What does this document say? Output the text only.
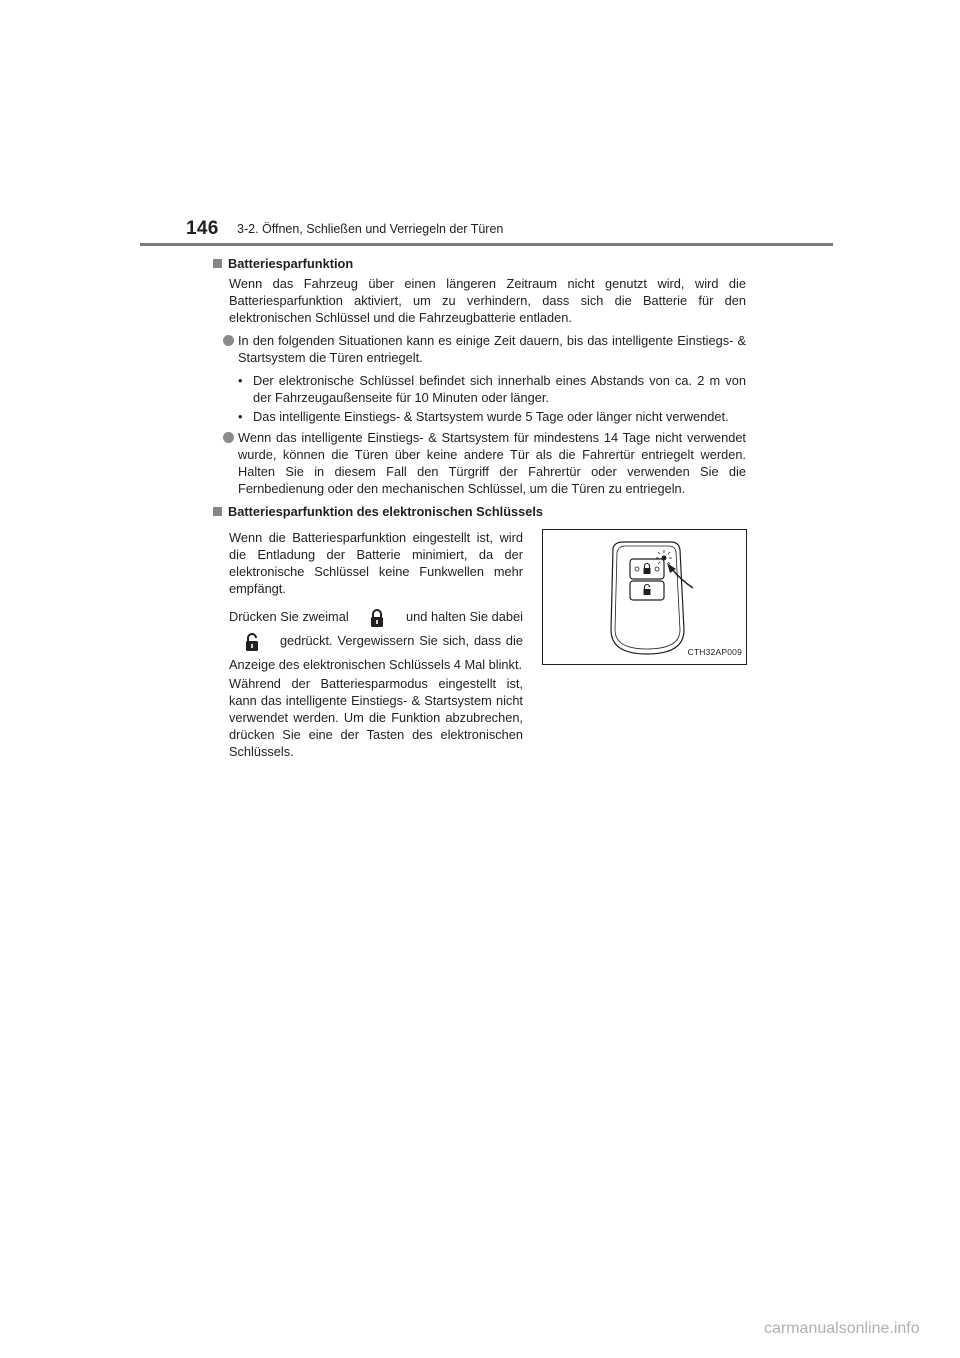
146 3-2. Öffnen, Schließen und Verriegeln der Türen
Batteriesparfunktion

Wenn das Fahrzeug über einen längeren Zeitraum nicht genutzt wird, wird die Batteriesparfunktion aktiviert, um zu verhindern, dass sich die Batterie für den elektronischen Schlüssel und die Fahrzeugbatterie entladen.

In den folgenden Situationen kann es einige Zeit dauern, bis das intelligente Einstiegs- & Startsystem die Türen entriegelt.
• Der elektronische Schlüssel befindet sich innerhalb eines Abstands von ca. 2 m von der Fahrzeugaußenseite für 10 Minuten oder länger.
• Das intelligente Einstiegs- & Startsystem wurde 5 Tage oder länger nicht verwendet.
Wenn das intelligente Einstiegs- & Startsystem für mindestens 14 Tage nicht verwendet wurde, können die Türen über keine andere Tür als die Fahrertür entriegelt werden. Halten Sie in diesem Fall den Türgriff der Fahrertür oder verwenden Sie die Fernbedienung oder den mechanischen Schlüssel, um die Türen zu entriegeln.
Batteriesparfunktion des elektronischen Schlüssels

Wenn die Batteriesparfunktion eingestellt ist, wird die Entladung der Batterie minimiert, da der elektronische Schlüssel keine Funkwellen mehr empfängt.

Drücken Sie zweimal	und halten Sie dabei  gedrückt. Vergewissern Sie sich, dass die Anzeige des elektronischen Schlüssels 4 Mal blinkt.

Während der Batteriesparmodus eingestellt ist, kann das intelligente Einstiegs- & Startsystem nicht verwendet werden. Um die Funktion abzubrechen, drücken Sie eine der Tasten des elektronischen Schlüssels.

CTH32AP009
carmanualsonline.info
